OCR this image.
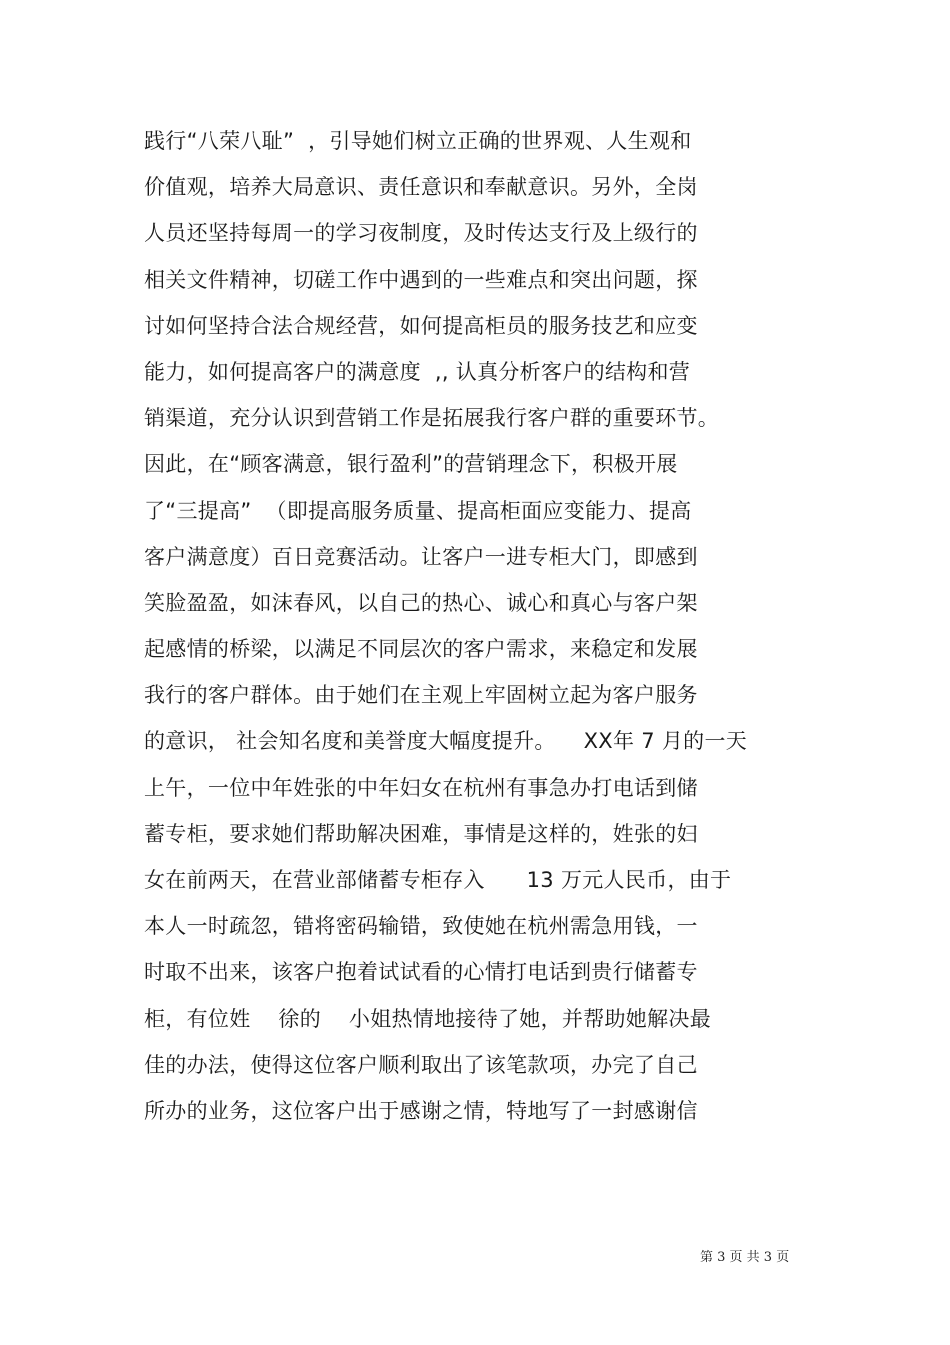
践行“八荣八耻”  ，引导她们树立正确的世界观、人生观和
价值观，培养大局意识、责任意识和奉献意识。另外，全岗
人员还坚持每周一的学习夜制度，及时传达支行及上级行的
相关文件精神，切磋工作中遇到的一些难点和突出问题，探
讨如何坚持合法合规经营，如何提高柜员的服务技艺和应变
能力，如何提高客户的满意度  ,, 认真分析客户的结构和营
销渠道，充分认识到营销工作是拓展我行客户群的重要环节。
因此，在“顾客满意，银行盈利”的营销理念下，积极开展
了“三提高”  （即提高服务质量、提高柜面应变能力、提高
客户满意度）百日竞赛活动。让客户一进专柜大门，即感到
笑脸盈盈，如沫春风，以自己的热心、诚心和真心与客户架
起感情的桥梁，以满足不同层次的客户需求，来稳定和发展
我行的客户群体。由于她们在主观上牢固树立起为客户服务
的意识， 社会知名度和美誉度大幅度提升。    XX年 7 月的一天
上午，一位中年姓张的中年妇女在杭州有事急办打电话到储
蓄专柜，要求她们帮助解决困难，事情是这样的，姓张的妇
女在前两天，在营业部储蓄专柜存入      13 万元人民币，由于
本人一时疏忽，错将密码输错，致使她在杭州需急用钱，一
时取不出来，该客户抱着试试看的心情打电话到贵行储蓄专
柜，有位姓    徐的    小姐热情地接待了她，并帮助她解决最
佳的办法，使得这位客户顺利取出了该笔款项，办完了自己
所办的业务，这位客户出于感谢之情，特地写了一封感谢信
第 3 页 共 3 页
